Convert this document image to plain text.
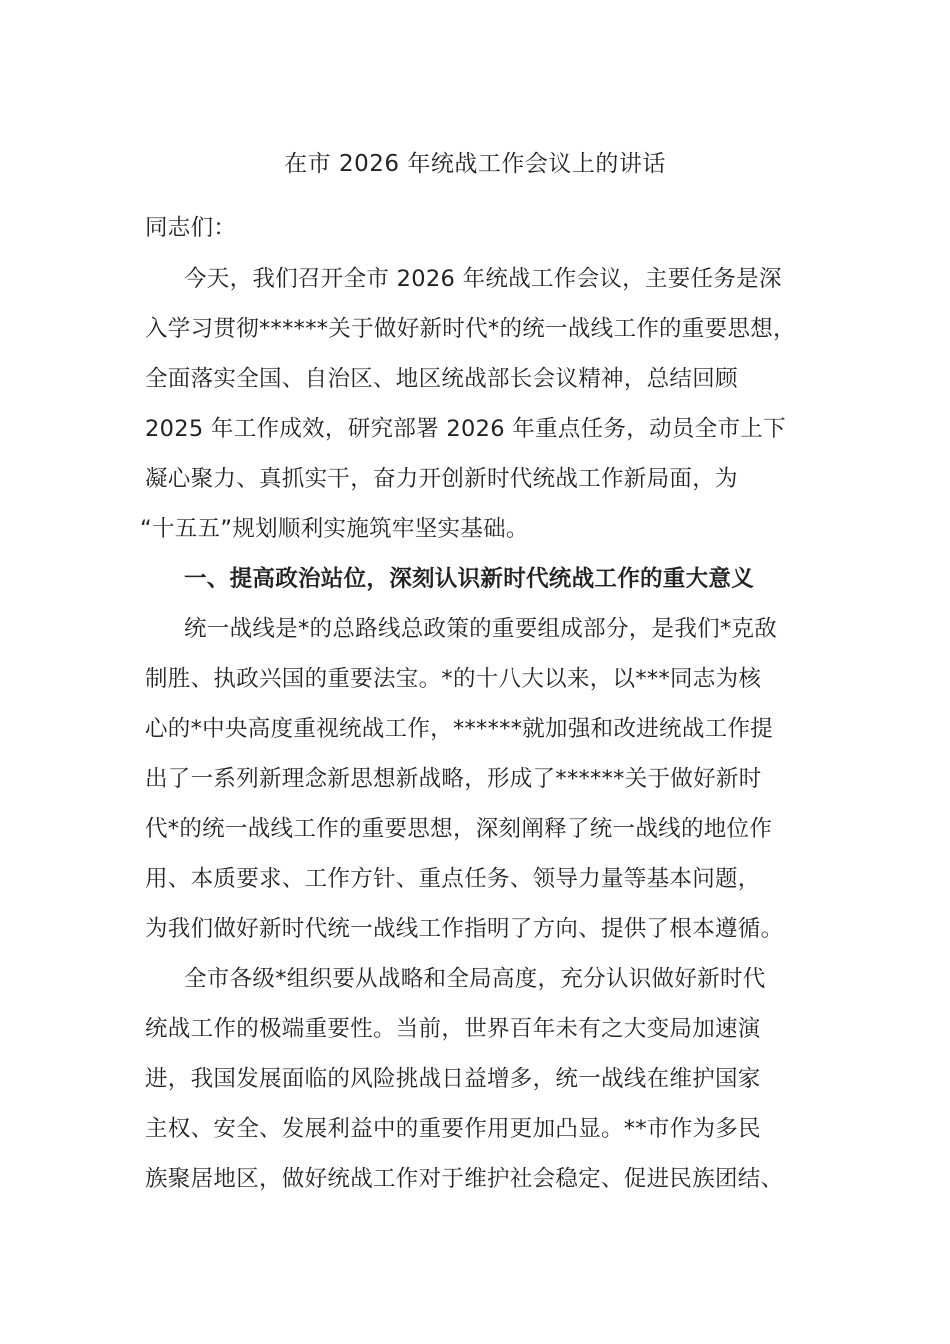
在市 2026 年统战工作会议上的讲话
同志们：
今天，我们召开全市 2026 年统战工作会议，主要任务是深
入学习贯彻******关于做好新时代*的统一战线工作的重要思想，
全面落实全国、自治区、地区统战部长会议精神，总结回顾
2025 年工作成效，研究部署 2026 年重点任务，动员全市上下
凝心聚力、真抓实干，奋力开创新时代统战工作新局面，为
“十五五”规划顺利实施筑牢坚实基础。
一、提高政治站位，深刻认识新时代统战工作的重大意义
统一战线是*的总路线总政策的重要组成部分，是我们*克敌
制胜、执政兴国的重要法宝。*的十八大以来，以***同志为核
心的*中央高度重视统战工作，******就加强和改进统战工作提
出了一系列新理念新思想新战略，形成了******关于做好新时
代*的统一战线工作的重要思想，深刻阐释了统一战线的地位作
用、本质要求、工作方针、重点任务、领导力量等基本问题，
为我们做好新时代统一战线工作指明了方向、提供了根本遵循。
全市各级*组织要从战略和全局高度，充分认识做好新时代
统战工作的极端重要性。当前，世界百年未有之大变局加速演
进，我国发展面临的风险挑战日益增多，统一战线在维护国家
主权、安全、发展利益中的重要作用更加凸显。**市作为多民
族聚居地区，做好统战工作对于维护社会稳定、促进民族团结、
